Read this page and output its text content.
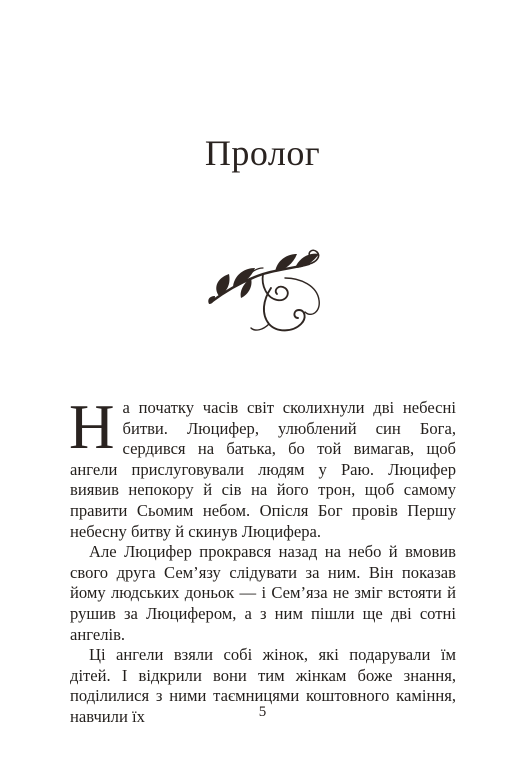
Пролог

На початку часів світ сколихнули дві небесні битви. Люцифер, улюблений син Бога, сердився на батька, бо той вимагав, щоб ангели прислуговували людям у Раю. Люцифер виявив непокору й сів на його трон, щоб самому правити Сьомим небом. Опісля Бог провів Першу небесну битву й скинув Люцифера.

Але Люцифер прокрався назад на небо й вмовив свого друга Сем’язу слідувати за ним. Він показав йому людських доньок — і Сем’яза не зміг встояти й рушив за Люцифером, а з ним пішли ще дві сотні ангелів.

Ці ангели взяли собі жінок, які подарували їм дітей. І відкрили вони тим жінкам боже знання, поділилися з ними таємницями коштовного каміння, навчили їх	5
